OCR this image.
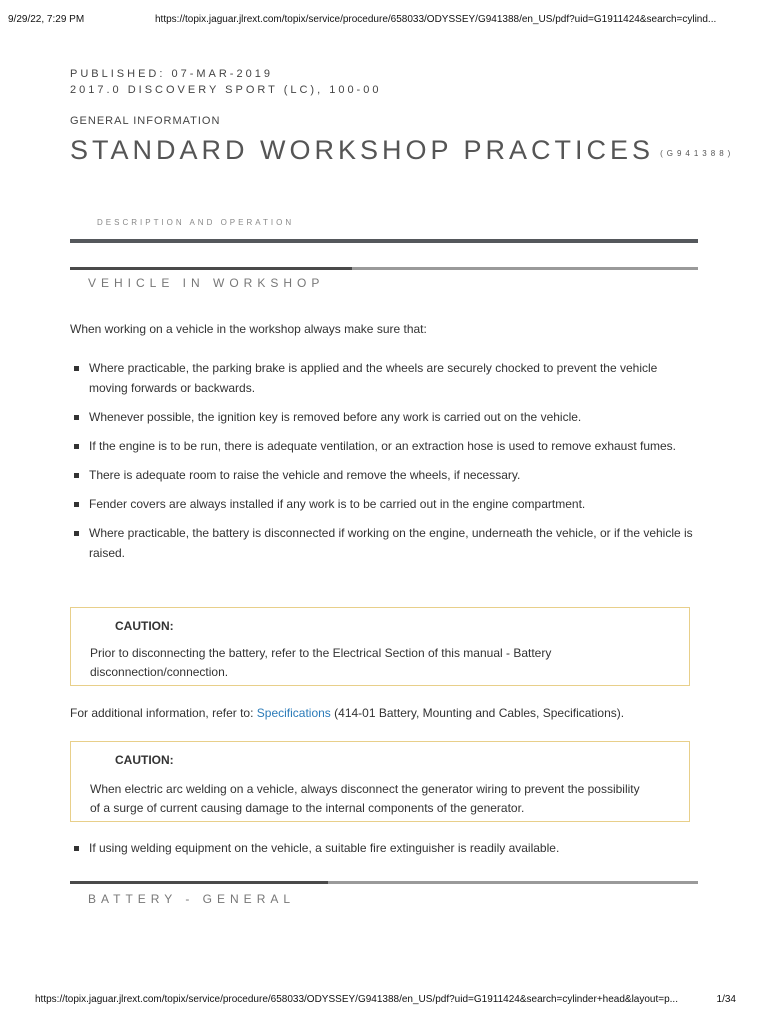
9/29/22, 7:29 PM	https://topix.jaguar.jlrext.com/topix/service/procedure/658033/ODYSSEY/G941388/en_US/pdf?uid=G1911424&search=cylind...
PUBLISHED: 07-MAR-2019
2017.0 DISCOVERY SPORT (LC), 100-00
GENERAL INFORMATION
STANDARD WORKSHOP PRACTICES (G941388)
DESCRIPTION AND OPERATION
VEHICLE IN WORKSHOP
When working on a vehicle in the workshop always make sure that:
Where practicable, the parking brake is applied and the wheels are securely chocked to prevent the vehicle moving forwards or backwards.
Whenever possible, the ignition key is removed before any work is carried out on the vehicle.
If the engine is to be run, there is adequate ventilation, or an extraction hose is used to remove exhaust fumes.
There is adequate room to raise the vehicle and remove the wheels, if necessary.
Fender covers are always installed if any work is to be carried out in the engine compartment.
Where practicable, the battery is disconnected if working on the engine, underneath the vehicle, or if the vehicle is raised.
CAUTION:
Prior to disconnecting the battery, refer to the Electrical Section of this manual - Battery disconnection/connection.
For additional information, refer to: Specifications (414-01 Battery, Mounting and Cables, Specifications).
CAUTION:
When electric arc welding on a vehicle, always disconnect the generator wiring to prevent the possibility of a surge of current causing damage to the internal components of the generator.
If using welding equipment on the vehicle, a suitable fire extinguisher is readily available.
BATTERY - GENERAL
https://topix.jaguar.jlrext.com/topix/service/procedure/658033/ODYSSEY/G941388/en_US/pdf?uid=G1911424&search=cylinder+head&layout=p...	1/34
